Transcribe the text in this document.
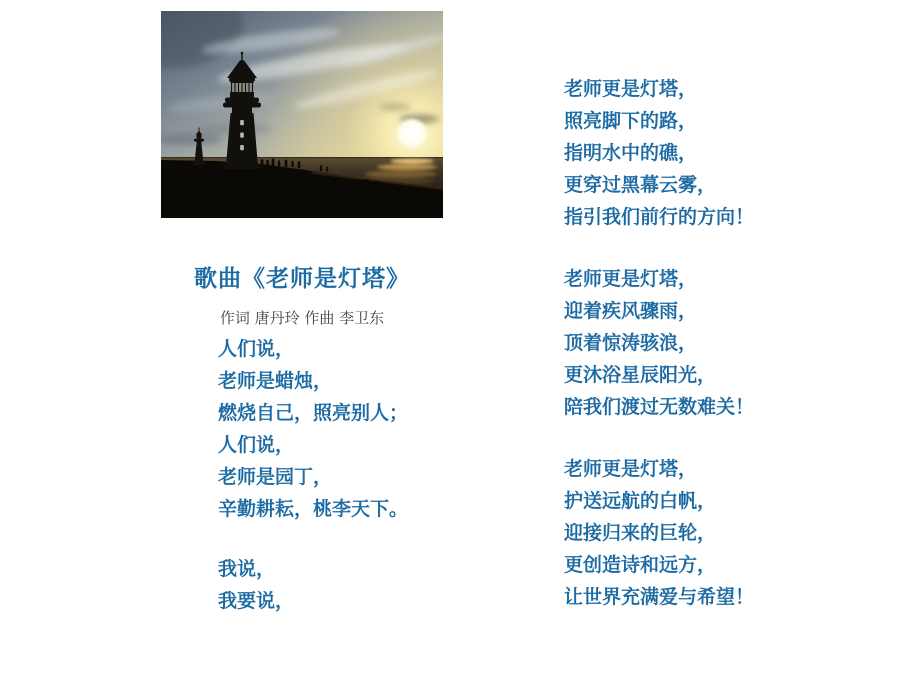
歌曲《老师是灯塔》
作词 唐丹玲 作曲 李卫东
人们说，
老师是蜡烛，
燃烧自己，照亮别人；
人们说，
老师是园丁，
辛勤耕耘，桃李天下。
我说，
我要说，
老师更是灯塔，
照亮脚下的路，
指明水中的礁，
更穿过黑幕云雾，
指引我们前行的方向！
老师更是灯塔，
迎着疾风骤雨，
顶着惊涛骇浪，
更沐浴星辰阳光，
陪我们渡过无数难关！
老师更是灯塔，
护送远航的白帆，
迎接归来的巨轮，
更创造诗和远方，
让世界充满爱与希望！
